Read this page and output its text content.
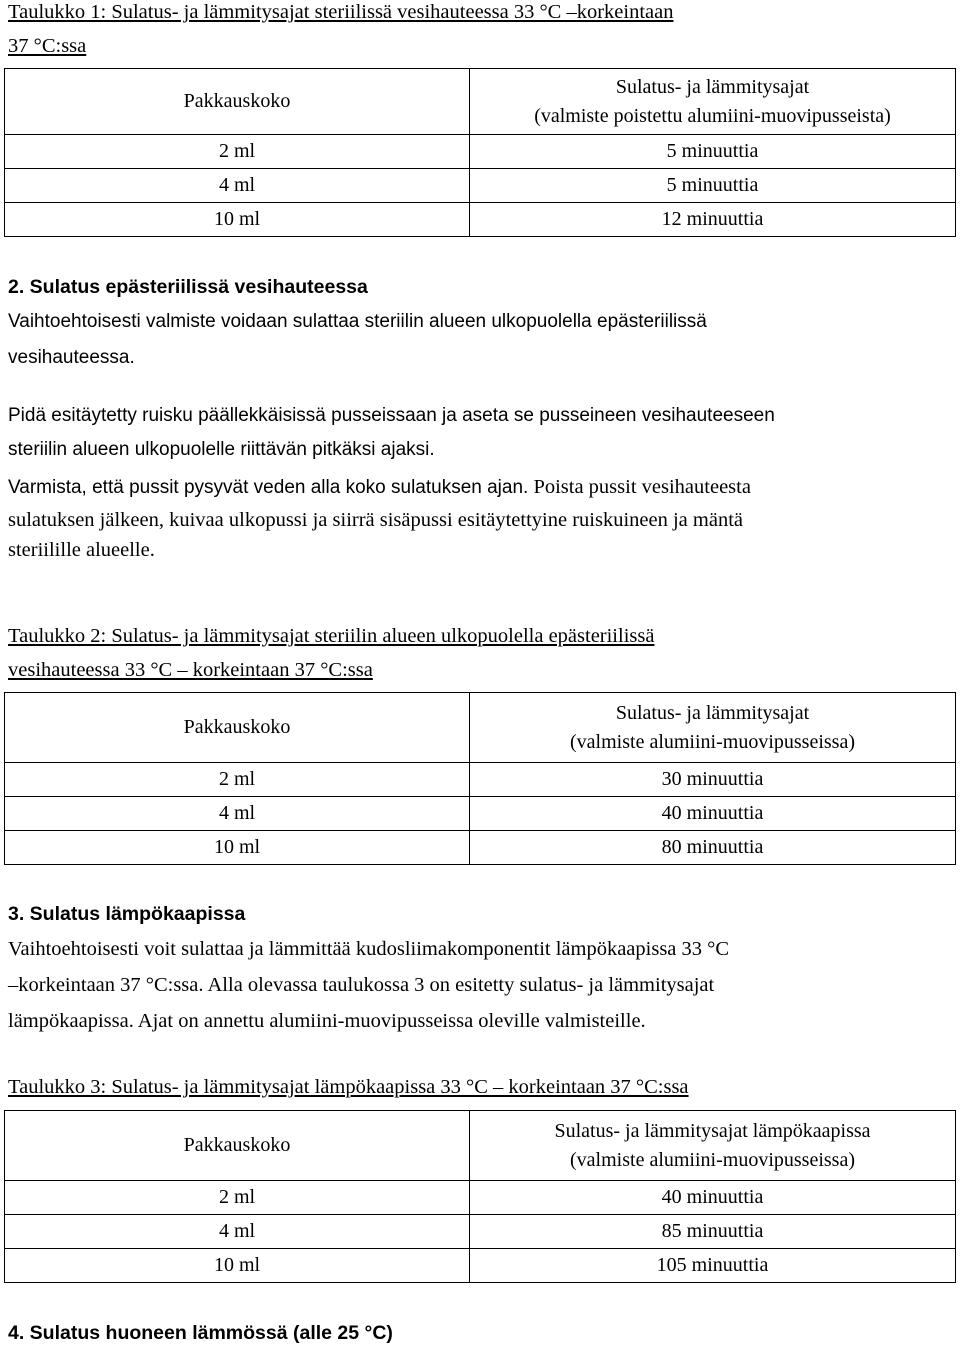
Taulukko 1: Sulatus- ja lämmitysajat steriilissä vesihauteessa 33 °C –korkeintaan
37 °C:ssa
Pakkauskoko	Sulatus- ja lämmitysajat
(valmiste poistettu alumiini-muovipusseista)

2 ml	5 minuuttia
4 ml	5 minuuttia
10 ml	12 minuuttia
2. Sulatus epästeriilissä vesihauteessa
Vaihtoehtoisesti valmiste voidaan sulattaa steriilin alueen ulkopuolella epästeriilissä
vesihauteessa.
Pidä esitäytetty ruisku päällekkäisissä pusseissaan ja aseta se pusseineen vesihauteeseen
steriilin alueen ulkopuolelle riittävän pitkäksi ajaksi.
Varmista, että pussit pysyvät veden alla koko sulatuksen ajan. Poista pussit vesihauteesta
sulatuksen jälkeen, kuivaa ulkopussi ja siirrä sisäpussi esitäytettyine ruiskuineen ja mäntä
steriilille alueelle.
Taulukko 2: Sulatus- ja lämmitysajat steriilin alueen ulkopuolella epästeriilissä
vesihauteessa 33 °C – korkeintaan 37 °C:ssa
Pakkauskoko	Sulatus- ja lämmitysajat
(valmiste alumiini-muovipusseissa)

2 ml	30 minuuttia
4 ml	40 minuuttia
10 ml	80 minuuttia
3. Sulatus lämpökaapissa
Vaihtoehtoisesti voit sulattaa ja lämmittää kudosliimakomponentit lämpökaapissa 33 °C
–korkeintaan 37 °C:ssa. Alla olevassa taulukossa 3 on esitetty sulatus- ja lämmitysajat
lämpökaapissa. Ajat on annettu alumiini-muovipusseissa oleville valmisteille.
Taulukko 3: Sulatus- ja lämmitysajat lämpökaapissa 33 °C – korkeintaan 37 °C:ssa
Pakkauskoko	Sulatus- ja lämmitysajat lämpökaapissa
(valmiste alumiini-muovipusseissa)

2 ml	40 minuuttia
4 ml	85 minuuttia
10 ml	105 minuuttia
4. Sulatus huoneen lämmössä (alle 25 °C)
